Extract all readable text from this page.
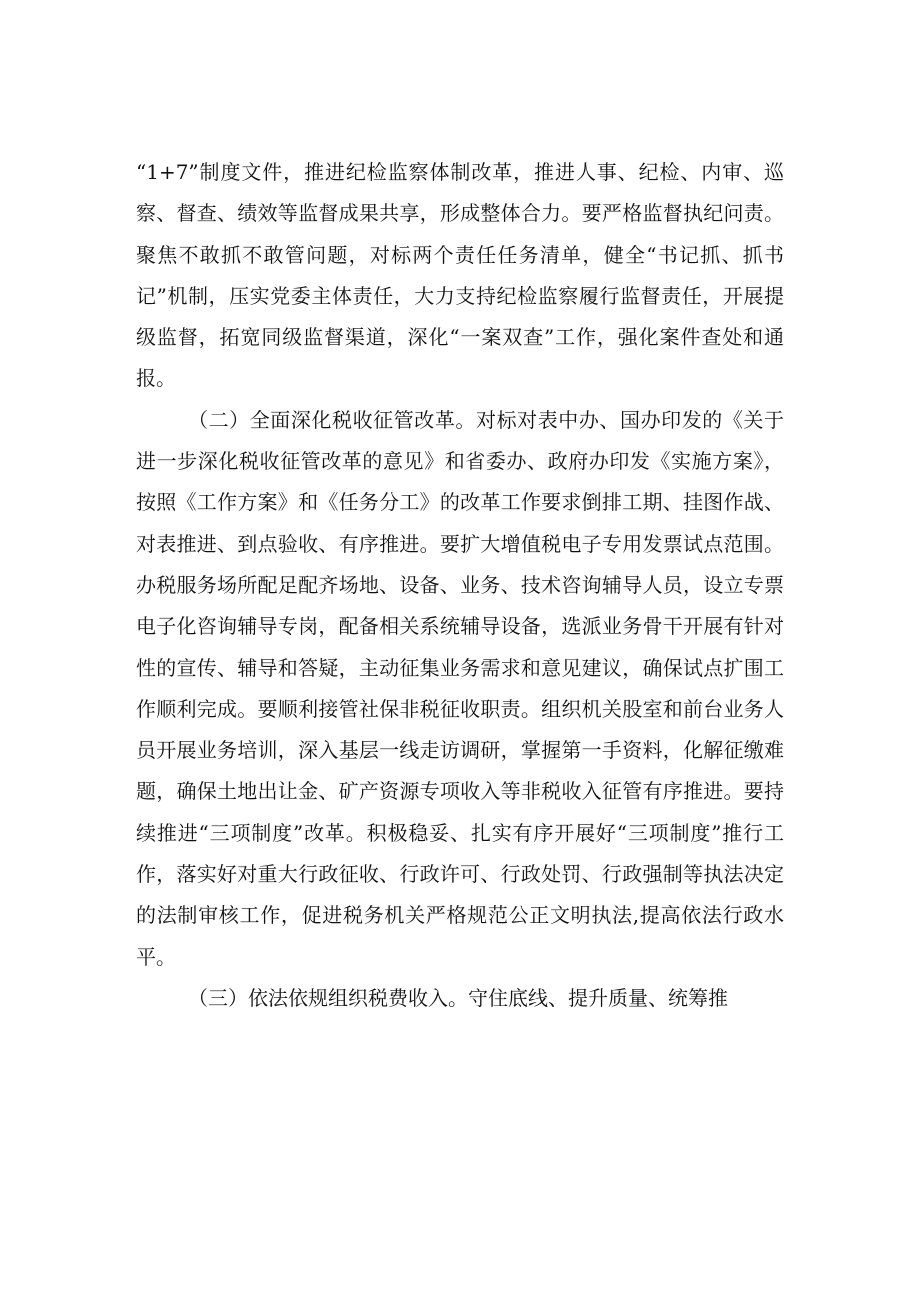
“1+7”制度文件，推进纪检监察体制改革，推进人事、纪检、内审、巡察、督查、绩效等监督成果共享，形成整体合力。要严格监督执纪问责。聚焦不敢抓不敢管问题，对标两个责任任务清单，健全“书记抓、抓书记”机制，压实党委主体责任，大力支持纪检监察履行监督责任，开展提级监督，拓宽同级监督渠道，深化“一案双查”工作，强化案件查处和通报。

（二）全面深化税收征管改革。对标对表中办、国办印发的《关于进一步深化税收征管改革的意见》和省委办、政府办印发《实施方案》，按照《工作方案》和《任务分工》的改革工作要求倒排工期、挂图作战、对表推进、到点验收、有序推进。要扩大增值税电子专用发票试点范围。办税服务场所配足配齐场地、设备、业务、技术咨询辅导人员，设立专票电子化咨询辅导专岗，配备相关系统辅导设备，选派业务骨干开展有针对性的宣传、辅导和答疑，主动征集业务需求和意见建议，确保试点扩围工作顺利完成。要顺利接管社保非税征收职责。组织机关股室和前台业务人员开展业务培训，深入基层一线走访调研，掌握第一手资料，化解征缴难题，确保土地出让金、矿产资源专项收入等非税收入征管有序推进。要持续推进“三项制度”改革。积极稳妥、扎实有序开展好“三项制度”推行工作，落实好对重大行政征收、行政许可、行政处罚、行政强制等执法决定的法制审核工作，促进税务机关严格规范公正文明执法,提高依法行政水平。

（三）依法依规组织税费收入。守住底线、提升质量、统筹推
